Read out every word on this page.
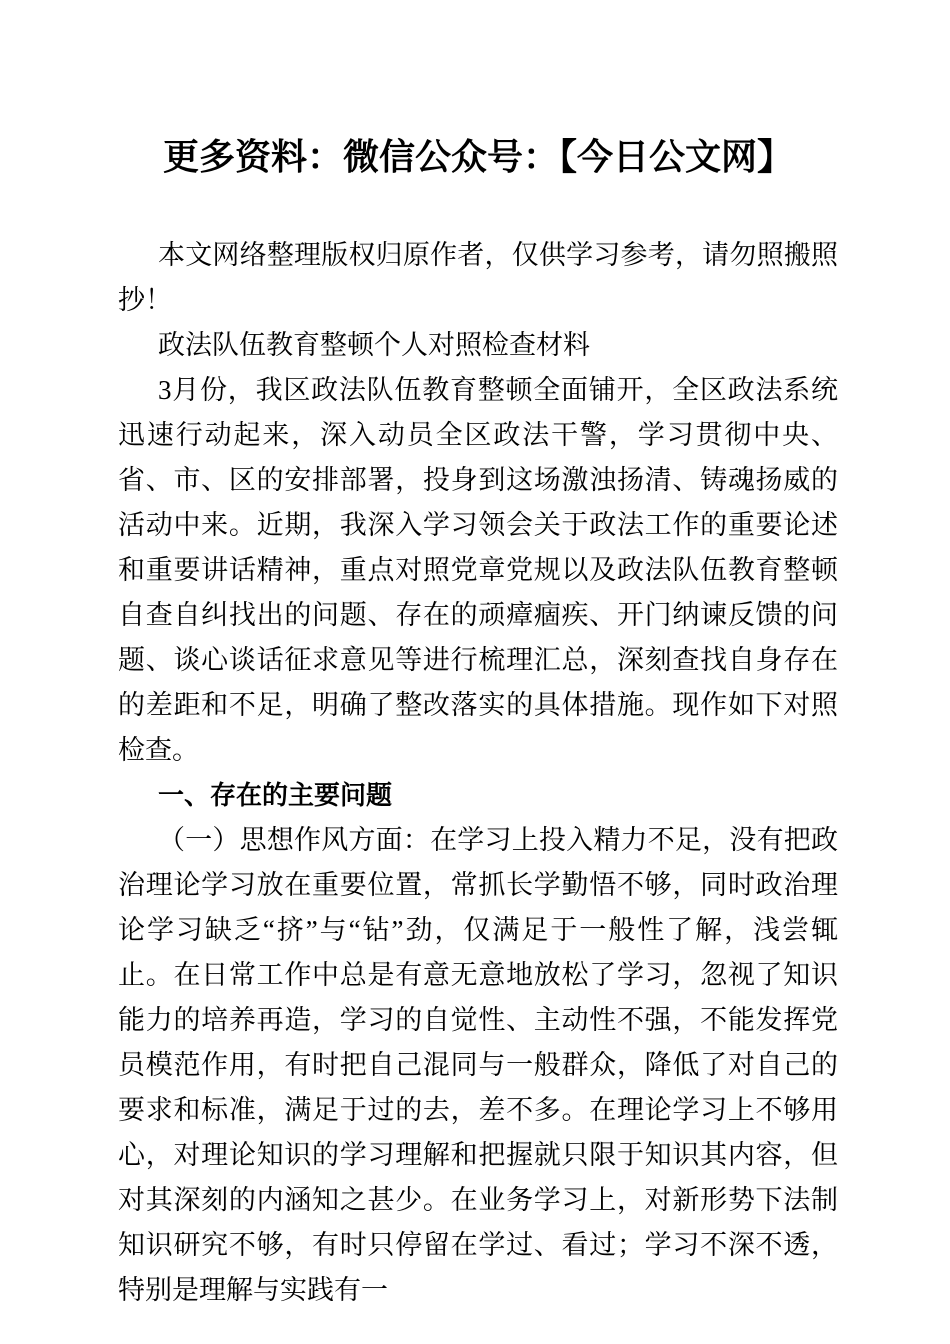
更多资料：微信公众号：【今日公文网】

本文网络整理版权归原作者，仅供学习参考，请勿照搬照抄！

政法队伍教育整顿个人对照检查材料

3月份，我区政法队伍教育整顿全面铺开，全区政法系统迅速行动起来，深入动员全区政法干警，学习贯彻中央、省、市、区的安排部署，投身到这场激浊扬清、铸魂扬威的活动中来。近期，我深入学习领会关于政法工作的重要论述和重要讲话精神，重点对照党章党规以及政法队伍教育整顿自查自纠找出的问题、存在的顽瘴痼疾、开门纳谏反馈的问题、谈心谈话征求意见等进行梳理汇总，深刻查找自身存在的差距和不足，明确了整改落实的具体措施。现作如下对照检查。

一、存在的主要问题

（一）思想作风方面：在学习上投入精力不足，没有把政治理论学习放在重要位置，常抓长学勤悟不够，同时政治理论学习缺乏“挤”与“钻”劲，仅满足于一般性了解，浅尝辄止。在日常工作中总是有意无意地放松了学习，忽视了知识能力的培养再造，学习的自觉性、主动性不强，不能发挥党员模范作用，有时把自己混同与一般群众，降低了对自己的要求和标准，满足于过的去，差不多。在理论学习上不够用心，对理论知识的学习理解和把握就只限于知识其内容，但对其深刻的内涵知之甚少。在业务学习上，对新形势下法制知识研究不够，有时只停留在学过、看过；学习不深不透，特别是理解与实践有一
